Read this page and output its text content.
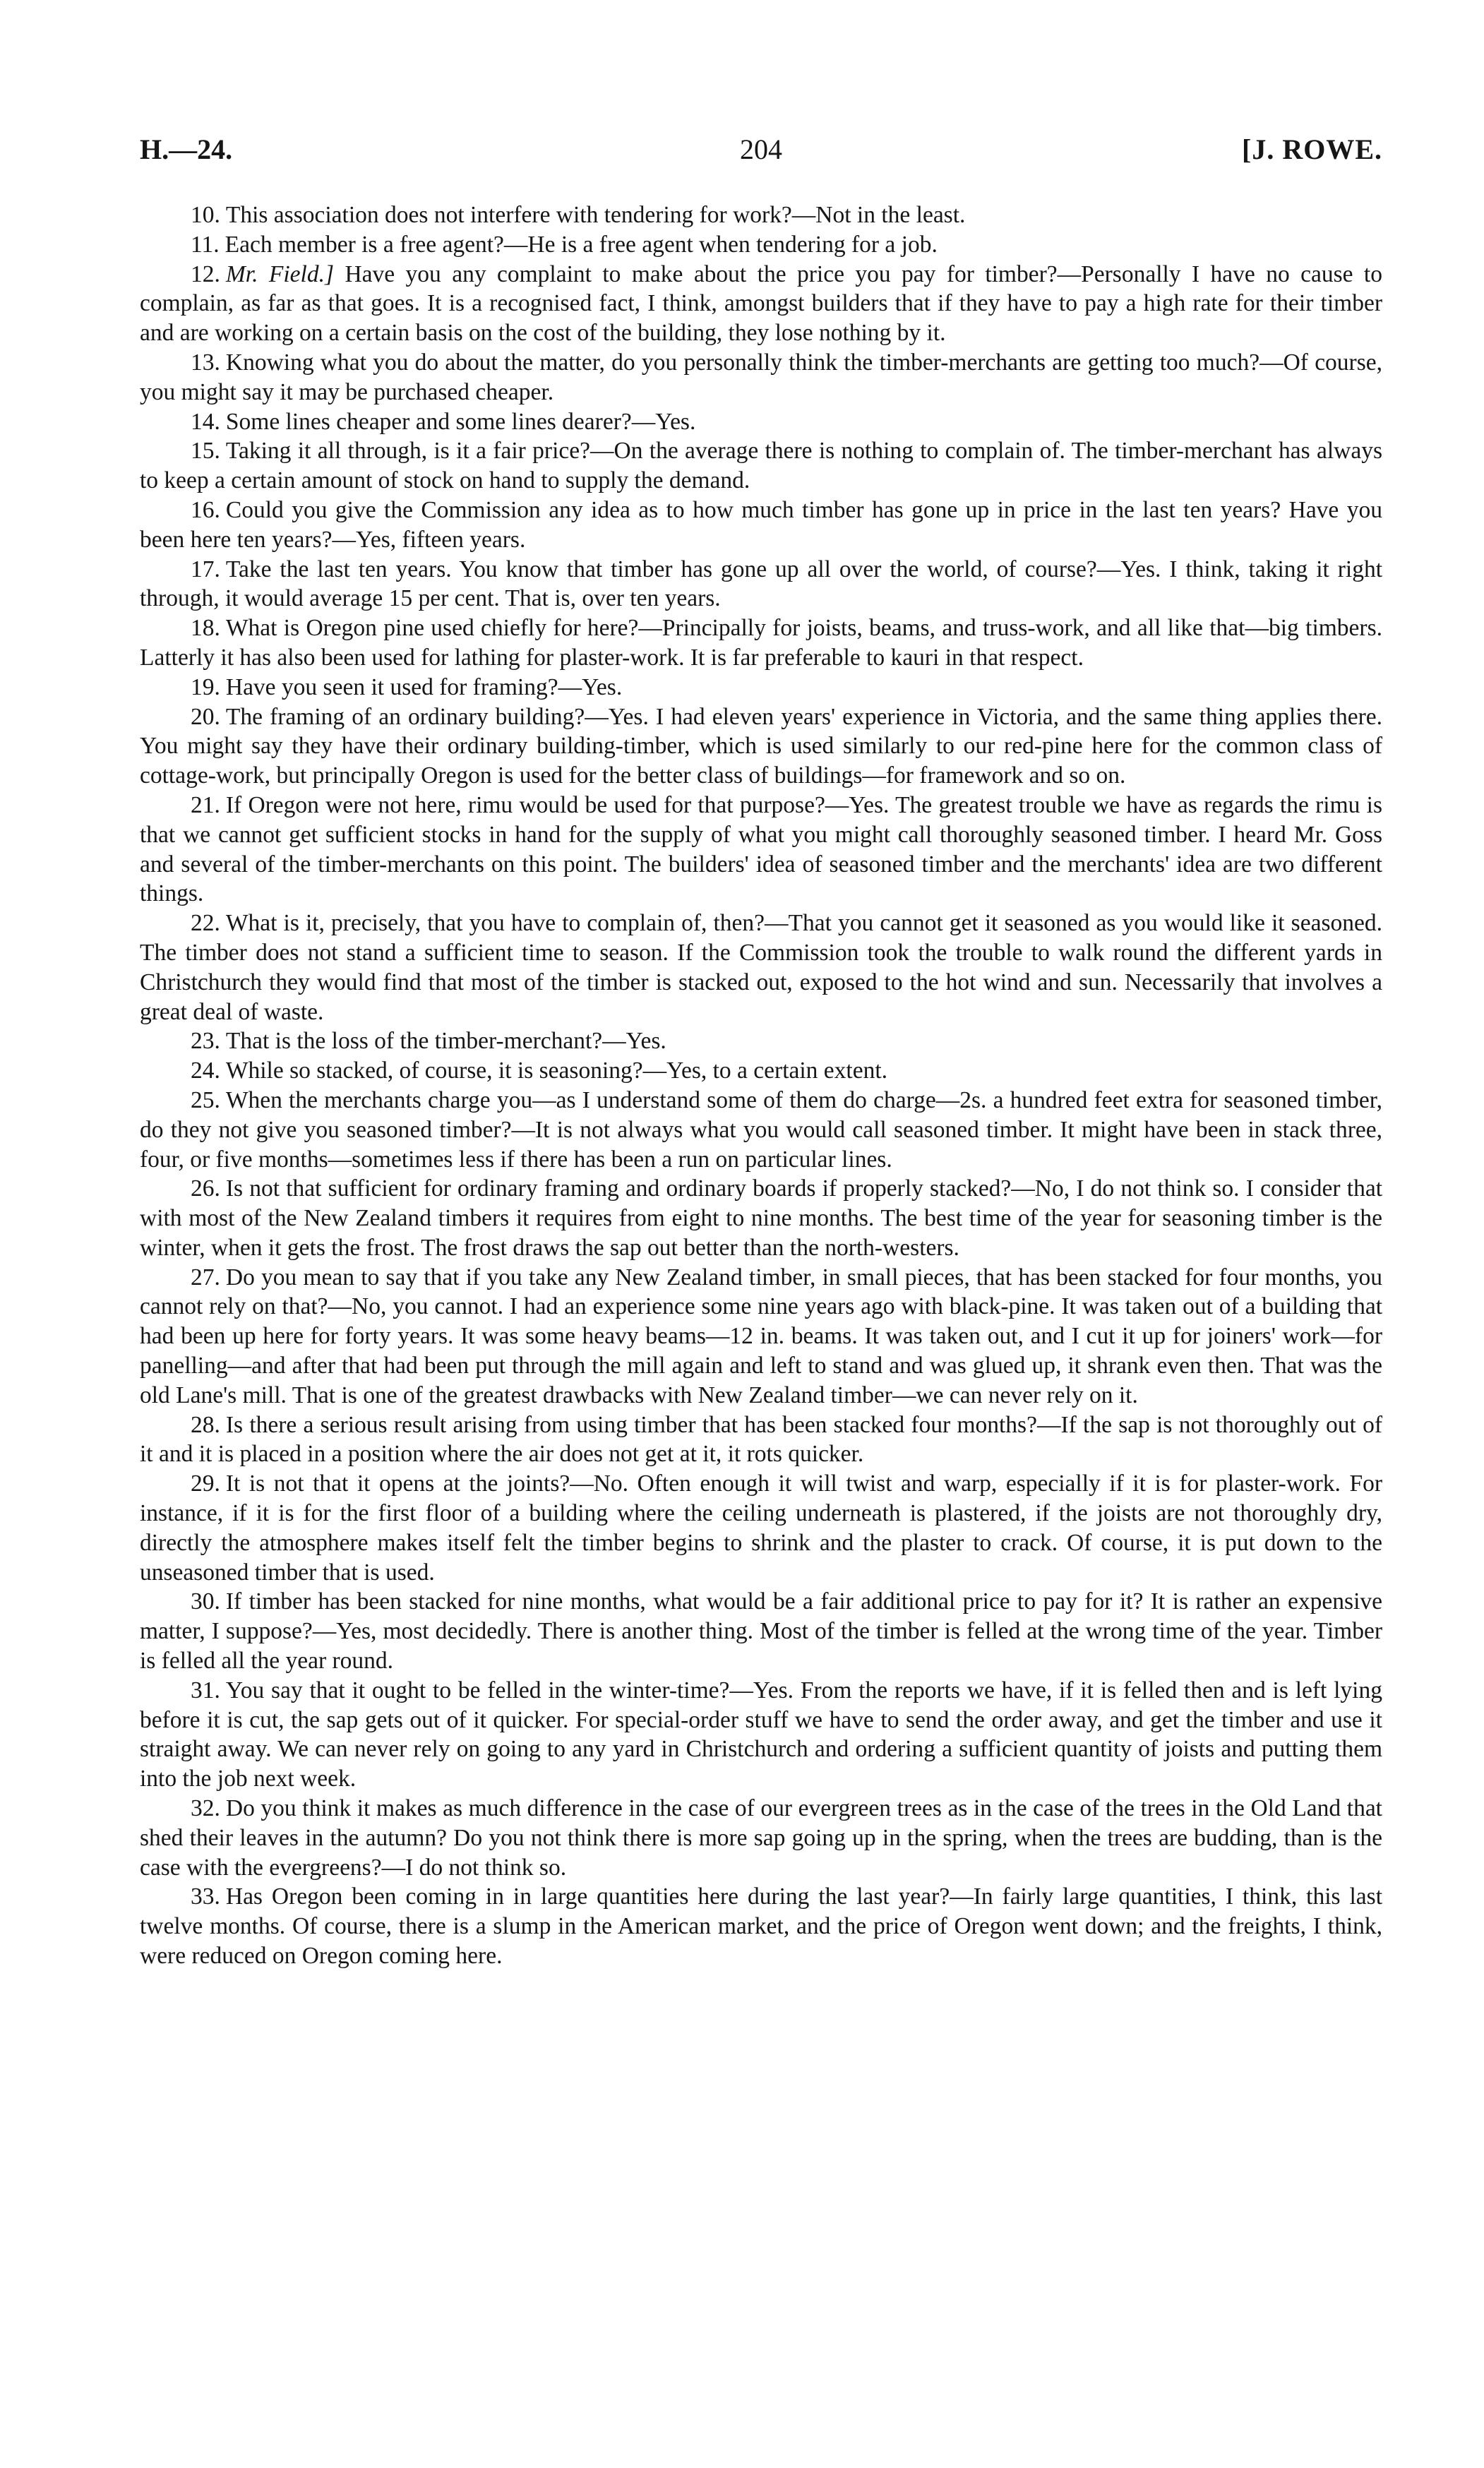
H.—24.	204	[J. ROWE.

10. This association does not interfere with tendering for work?—Not in the least.

11. Each member is a free agent?—He is a free agent when tendering for a job.

12. Mr. Field.] Have you any complaint to make about the price you pay for timber?—Personally I have no cause to complain, as far as that goes. It is a recognised fact, I think, amongst builders that if they have to pay a high rate for their timber and are working on a certain basis on the cost of the building, they lose nothing by it.

13. Knowing what you do about the matter, do you personally think the timber-merchants are getting too much?—Of course, you might say it may be purchased cheaper.

14. Some lines cheaper and some lines dearer?—Yes.

15. Taking it all through, is it a fair price?—On the average there is nothing to complain of. The timber-merchant has always to keep a certain amount of stock on hand to supply the demand.

16. Could you give the Commission any idea as to how much timber has gone up in price in the last ten years? Have you been here ten years?—Yes, fifteen years.

17. Take the last ten years. You know that timber has gone up all over the world, of course?—Yes. I think, taking it right through, it would average 15 per cent. That is, over ten years.

18. What is Oregon pine used chiefly for here?—Principally for joists, beams, and truss-work, and all like that—big timbers. Latterly it has also been used for lathing for plaster-work. It is far preferable to kauri in that respect.

19. Have you seen it used for framing?—Yes.

20. The framing of an ordinary building?—Yes. I had eleven years' experience in Victoria, and the same thing applies there. You might say they have their ordinary building-timber, which is used similarly to our red-pine here for the common class of cottage-work, but principally Oregon is used for the better class of buildings—for framework and so on.

21. If Oregon were not here, rimu would be used for that purpose?—Yes. The greatest trouble we have as regards the rimu is that we cannot get sufficient stocks in hand for the supply of what you might call thoroughly seasoned timber. I heard Mr. Goss and several of the timber-merchants on this point. The builders' idea of seasoned timber and the merchants' idea are two different things.

22. What is it, precisely, that you have to complain of, then?—That you cannot get it seasoned as you would like it seasoned. The timber does not stand a sufficient time to season. If the Commission took the trouble to walk round the different yards in Christchurch they would find that most of the timber is stacked out, exposed to the hot wind and sun. Necessarily that involves a great deal of waste.

23. That is the loss of the timber-merchant?—Yes.

24. While so stacked, of course, it is seasoning?—Yes, to a certain extent.

25. When the merchants charge you—as I understand some of them do charge—2s. a hundred feet extra for seasoned timber, do they not give you seasoned timber?—It is not always what you would call seasoned timber. It might have been in stack three, four, or five months—sometimes less if there has been a run on particular lines.

26. Is not that sufficient for ordinary framing and ordinary boards if properly stacked?—No, I do not think so. I consider that with most of the New Zealand timbers it requires from eight to nine months. The best time of the year for seasoning timber is the winter, when it gets the frost. The frost draws the sap out better than the north-westers.

27. Do you mean to say that if you take any New Zealand timber, in small pieces, that has been stacked for four months, you cannot rely on that?—No, you cannot. I had an experience some nine years ago with black-pine. It was taken out of a building that had been up here for forty years. It was some heavy beams—12 in. beams. It was taken out, and I cut it up for joiners' work—for panelling—and after that had been put through the mill again and left to stand and was glued up, it shrank even then. That was the old Lane's mill. That is one of the greatest drawbacks with New Zealand timber—we can never rely on it.

28. Is there a serious result arising from using timber that has been stacked four months?—If the sap is not thoroughly out of it and it is placed in a position where the air does not get at it, it rots quicker.

29. It is not that it opens at the joints?—No. Often enough it will twist and warp, especially if it is for plaster-work. For instance, if it is for the first floor of a building where the ceiling underneath is plastered, if the joists are not thoroughly dry, directly the atmosphere makes itself felt the timber begins to shrink and the plaster to crack. Of course, it is put down to the unseasoned timber that is used.

30. If timber has been stacked for nine months, what would be a fair additional price to pay for it? It is rather an expensive matter, I suppose?—Yes, most decidedly. There is another thing. Most of the timber is felled at the wrong time of the year. Timber is felled all the year round.

31. You say that it ought to be felled in the winter-time?—Yes. From the reports we have, if it is felled then and is left lying before it is cut, the sap gets out of it quicker. For special-order stuff we have to send the order away, and get the timber and use it straight away. We can never rely on going to any yard in Christchurch and ordering a sufficient quantity of joists and putting them into the job next week.

32. Do you think it makes as much difference in the case of our evergreen trees as in the case of the trees in the Old Land that shed their leaves in the autumn? Do you not think there is more sap going up in the spring, when the trees are budding, than is the case with the evergreens?—I do not think so.

33. Has Oregon been coming in in large quantities here during the last year?—In fairly large quantities, I think, this last twelve months. Of course, there is a slump in the American market, and the price of Oregon went down; and the freights, I think, were reduced on Oregon coming here.
